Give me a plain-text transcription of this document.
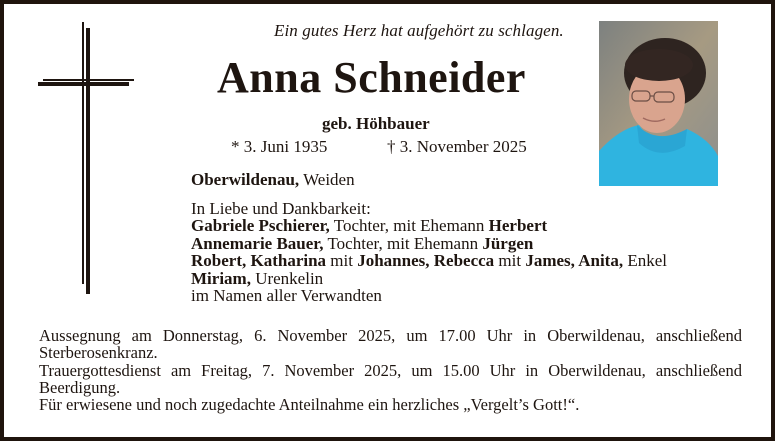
Ein gutes Herz hat aufgehört zu schlagen.
Anna Schneider
geb. Höhbauer
* 3. Juni 1935	† 3. November 2025
Oberwildenau, Weiden
In Liebe und Dankbarkeit:
Gabriele Pschierer, Tochter, mit Ehemann Herbert
Annemarie Bauer, Tochter, mit Ehemann Jürgen
Robert, Katharina mit Johannes, Rebecca mit James, Anita, Enkel
Miriam, Urenkelin
im Namen aller Verwandten
Aussegnung am Donnerstag, 6. November 2025, um 17.00 Uhr in Oberwildenau, anschließend
Sterberosenkranz.
Trauergottesdienst am Freitag, 7. November 2025, um 15.00 Uhr in Oberwildenau, anschließend
Beerdigung.
Für erwiesene und noch zugedachte Anteilnahme ein herzliches „Vergelt’s Gott!“.
